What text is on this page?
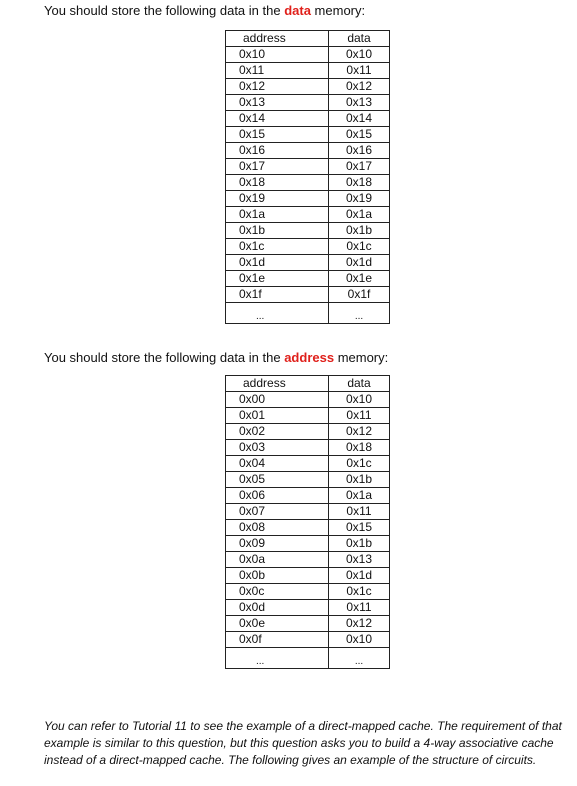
You should store the following data in the data memory:
address	data
0x10	0x10
0x11	0x11
0x12	0x12
0x13	0x13
0x14	0x14
0x15	0x15
0x16	0x16
0x17	0x17
0x18	0x18
0x19	0x19
0x1a	0x1a
0x1b	0x1b
0x1c	0x1c
0x1d	0x1d
0x1e	0x1e
0x1f	0x1f
...	...
You should store the following data in the address memory:
address	data
0x00	0x10
0x01	0x11
0x02	0x12
0x03	0x18
0x04	0x1c
0x05	0x1b
0x06	0x1a
0x07	0x11
0x08	0x15
0x09	0x1b
0x0a	0x13
0x0b	0x1d
0x0c	0x1c
0x0d	0x11
0x0e	0x12
0x0f	0x10
...	...
You can refer to Tutorial 11 to see the example of a direct-mapped cache. The requirement of that example is similar to this question, but this question asks you to build a 4-way associative cache instead of a direct-mapped cache. The following gives an example of the structure of circuits.
